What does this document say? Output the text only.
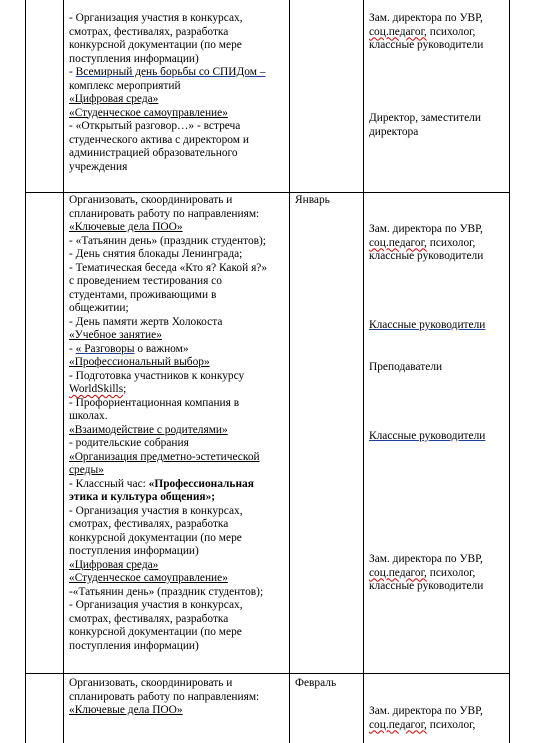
- Организация участия в конкурсах,
смотрах, фестивалях, разработка
конкурсной документации (по мере
поступления информации)
- Всемирный день борьбы со СПИДом –
комплекс мероприятий
«Цифровая среда»
«Студенческое самоуправление»
- «Открытый разговор…» - встреча
студенческого актива с директором и
администрацией образовательного
учреждения
Зам. директора по УВР,
соц.педагог, психолог,
классные руководители
Директор, заместители
директора
Январь
Организовать, скоординировать и
спланировать работу по направлениям:
«Ключевые дела ПОО»
- «Татьянин день» (праздник студентов);
- День снятия блокады Ленинграда;
- Тематическая беседа «Кто я? Какой я?»
с проведением тестирования со
студентами, проживающими в
общежитии;
- День памяти жертв Холокоста
«Учебное занятие»
- « Разговоры о важном»
«Профессиональный выбор»
- Подготовка участников к конкурсу
WorldSkills;
- Профориентационная компания в
школах.
«Взаимодействие с родителями»
- родительские собрания
«Организация предметно-эстетической
среды»
- Классный час: «Профессиональная
этика и культура общения»;
- Организация участия в конкурсах,
смотрах, фестивалях, разработка
конкурсной документации (по мере
поступления информации)
«Цифровая среда»
«Студенческое самоуправление»
-«Татьянин день» (праздник студентов);
- Организация участия в конкурсах,
смотрах, фестивалях, разработка
конкурсной документации (по мере
поступления информации)
Зам. директора по УВР,
соц.педагог, психолог,
классные руководители
Классные руководители
Преподаватели
Классные руководители
Зам. директора по УВР,
соц.педагог, психолог,
классные руководители
Февраль
Организовать, скоординировать и
спланировать работу по направлениям:
«Ключевые дела ПОО»	Зам. директора по УВР,
соц.педагог, психолог,
